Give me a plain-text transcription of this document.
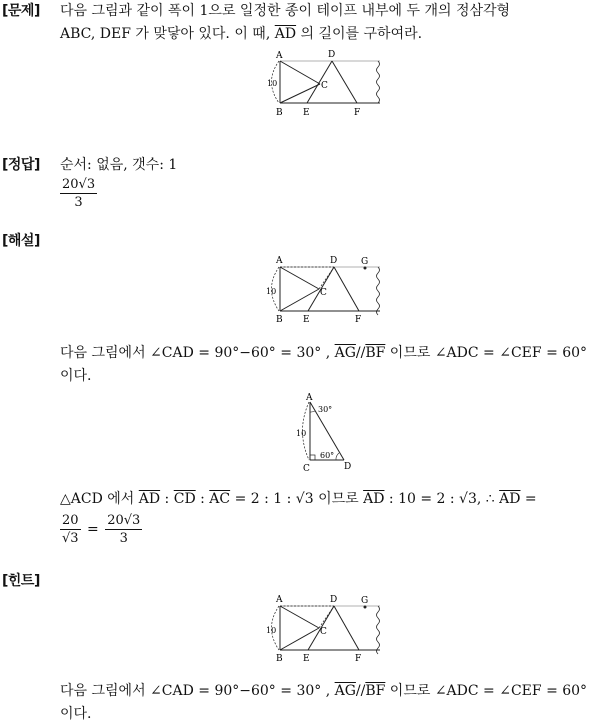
[문제] 다음 그림과 같이 폭이 1으로 일정한 종이 테이프 내부에 두 개의 정삼각형
ABC, DEF 가 맞닿아 있다. 이 때, $\overline{AD}$ 의 길이를 구하여라.
A	D
C
10
B E	F
[정답] 순서: 없음, 갯수: 1
$\frac{20√3}{3}$
[해설]
A	D	G
C
10
B E	F
다음 그림에서 ∠CAD = 90°−60° = 30° , $\overline{AG}//\overline{BF}$ 이므로 ∠ADC = ∠CEF = 60°
이다.
A
30°
10
60°
C	D
△ACD 에서 $\overline{AD}$ : $\overline{CD}$ : $\overline{AC} = 2$ : 1 : √3 이므로 $\overline{AD}$ : 10 = 2 : √3, ∴ $\overline{AD}$ =
$\frac{20}{√3} = \frac{20√3}{3}$
[힌트]
A	D	G
C
10
B E	F
다음 그림에서 ∠CAD = 90°−60° = 30° , $\overline{AG}//\overline{BF}$ 이므로 ∠ADC = ∠CEF = 60°
이다.
